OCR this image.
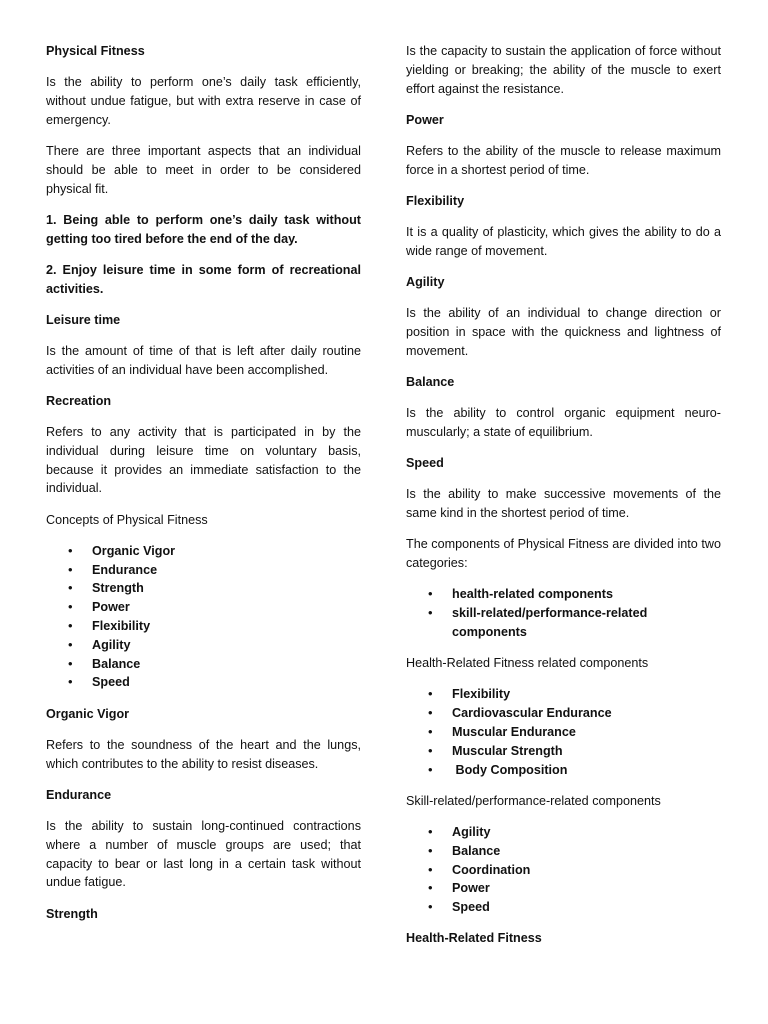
Physical Fitness

Is the ability to perform one’s daily task efficiently, without undue fatigue, but with extra reserve in case of emergency.

There are three important aspects that an individual should be able to meet in order to be considered physical fit.

1. Being able to perform one’s daily task without getting too tired before the end of the day.

2. Enjoy leisure time in some form of recreational activities.

Leisure time

Is the amount of time of that is left after daily routine activities of an individual have been accomplished.

Recreation

Refers to any activity that is participated in by the individual during leisure time on voluntary basis, because it provides an immediate satisfaction to the individual.

Concepts of Physical Fitness

• Organic Vigor
• Endurance
• Strength
• Power
• Flexibility
• Agility
• Balance
• Speed

Organic Vigor

Refers to the soundness of the heart and the lungs, which contributes to the ability to resist diseases.

Endurance

Is the ability to sustain long-continued contractions where a number of muscle groups are used; that capacity to bear or last long in a certain task without undue fatigue.

Strength

Is the capacity to sustain the application of force without yielding or breaking; the ability of the muscle to exert effort against the resistance.

Power

Refers to the ability of the muscle to release maximum force in a shortest period of time.

Flexibility

It is a quality of plasticity, which gives the ability to do a wide range of movement.

Agility

Is the ability of an individual to change direction or position in space with the quickness and lightness of movement.

Balance

Is the ability to control organic equipment neuro-muscularly; a state of equilibrium.

Speed

Is the ability to make successive movements of the same kind in the shortest period of time.

The components of Physical Fitness are divided into two categories:

• health-related components
• skill-related/performance-related components

Health-Related Fitness related components

• Flexibility
• Cardiovascular Endurance
• Muscular Endurance
• Muscular Strength
• Body Composition

Skill-related/performance-related components

• Agility
• Balance
• Coordination
• Power
• Speed

Health-Related Fitness
